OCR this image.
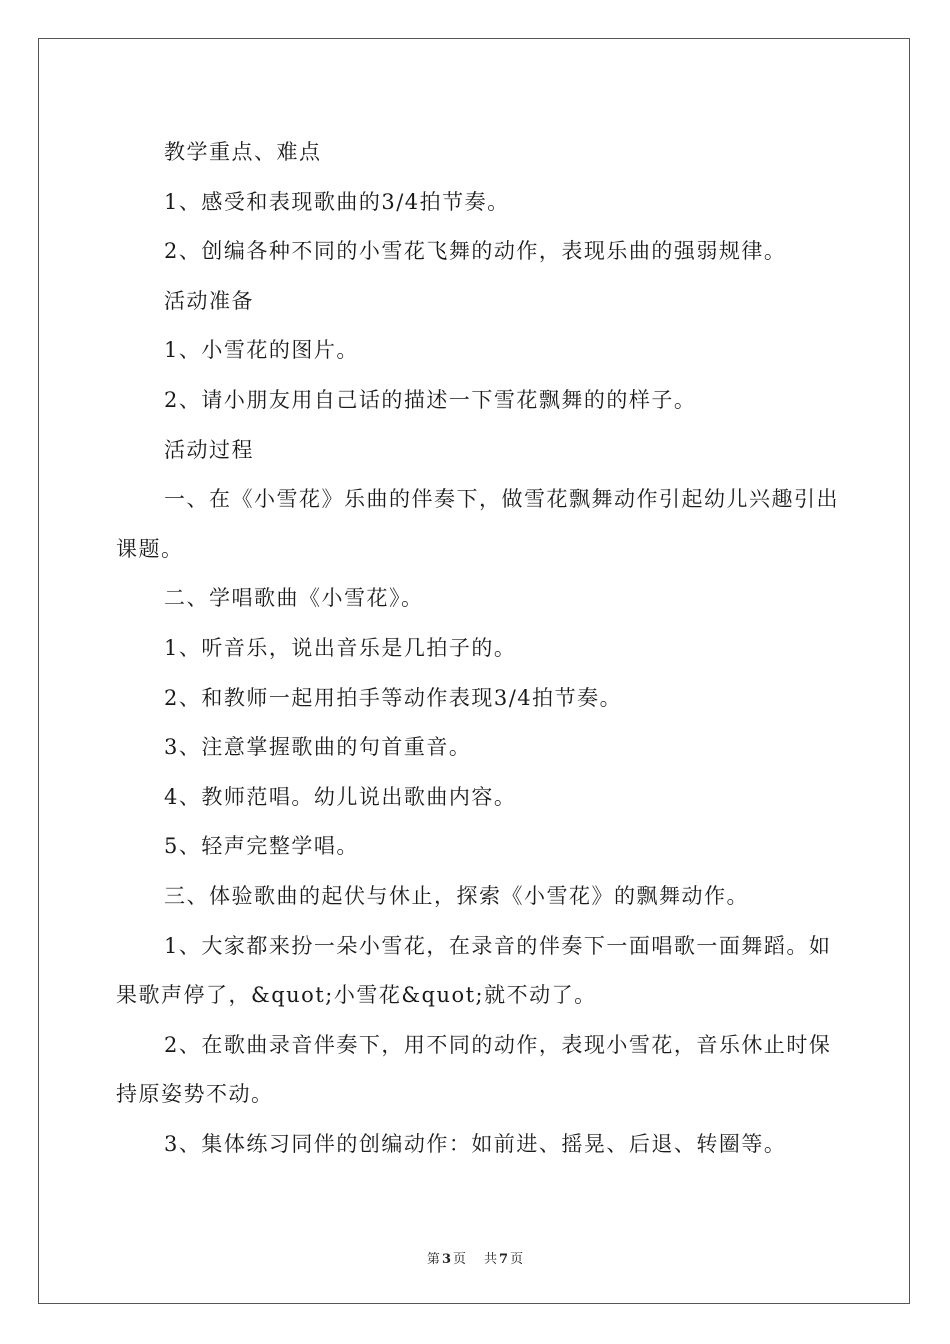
教学重点、难点

1、感受和表现歌曲的3/4拍节奏。

2、创编各种不同的小雪花飞舞的动作，表现乐曲的强弱规律。

活动准备

1、小雪花的图片。

2、请小朋友用自己话的描述一下雪花飘舞的的样子。

活动过程

一、在《小雪花》乐曲的伴奏下，做雪花飘舞动作引起幼儿兴趣引出课题。

二、学唱歌曲《小雪花》。

1、听音乐，说出音乐是几拍子的。

2、和教师一起用拍手等动作表现3/4拍节奏。

3、注意掌握歌曲的句首重音。

4、教师范唱。幼儿说出歌曲内容。

5、轻声完整学唱。

三、体验歌曲的起伏与休止，探索《小雪花》的飘舞动作。

1、大家都来扮一朵小雪花，在录音的伴奏下一面唱歌一面舞蹈。如果歌声停了，&quot;小雪花&quot;就不动了。

2、在歌曲录音伴奏下，用不同的动作，表现小雪花，音乐休止时保持原姿势不动。

3、集体练习同伴的创编动作：如前进、摇晃、后退、转圈等。

第 3 页 共 7 页
